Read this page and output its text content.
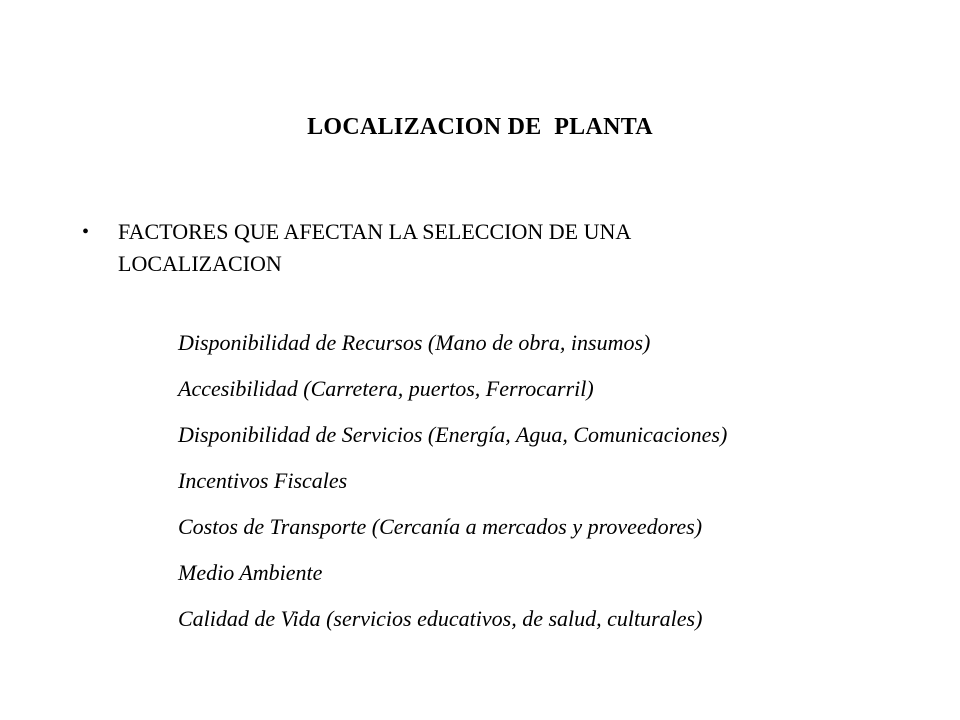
LOCALIZACION DE  PLANTA
• FACTORES QUE AFECTAN LA SELECCION DE UNA LOCALIZACION
Disponibilidad de Recursos (Mano de obra, insumos)
Accesibilidad (Carretera, puertos, Ferrocarril)
Disponibilidad de Servicios (Energía, Agua, Comunicaciones)
Incentivos Fiscales
Costos de Transporte (Cercanía a mercados y proveedores)
Medio Ambiente
Calidad de Vida (servicios educativos, de salud, culturales)
